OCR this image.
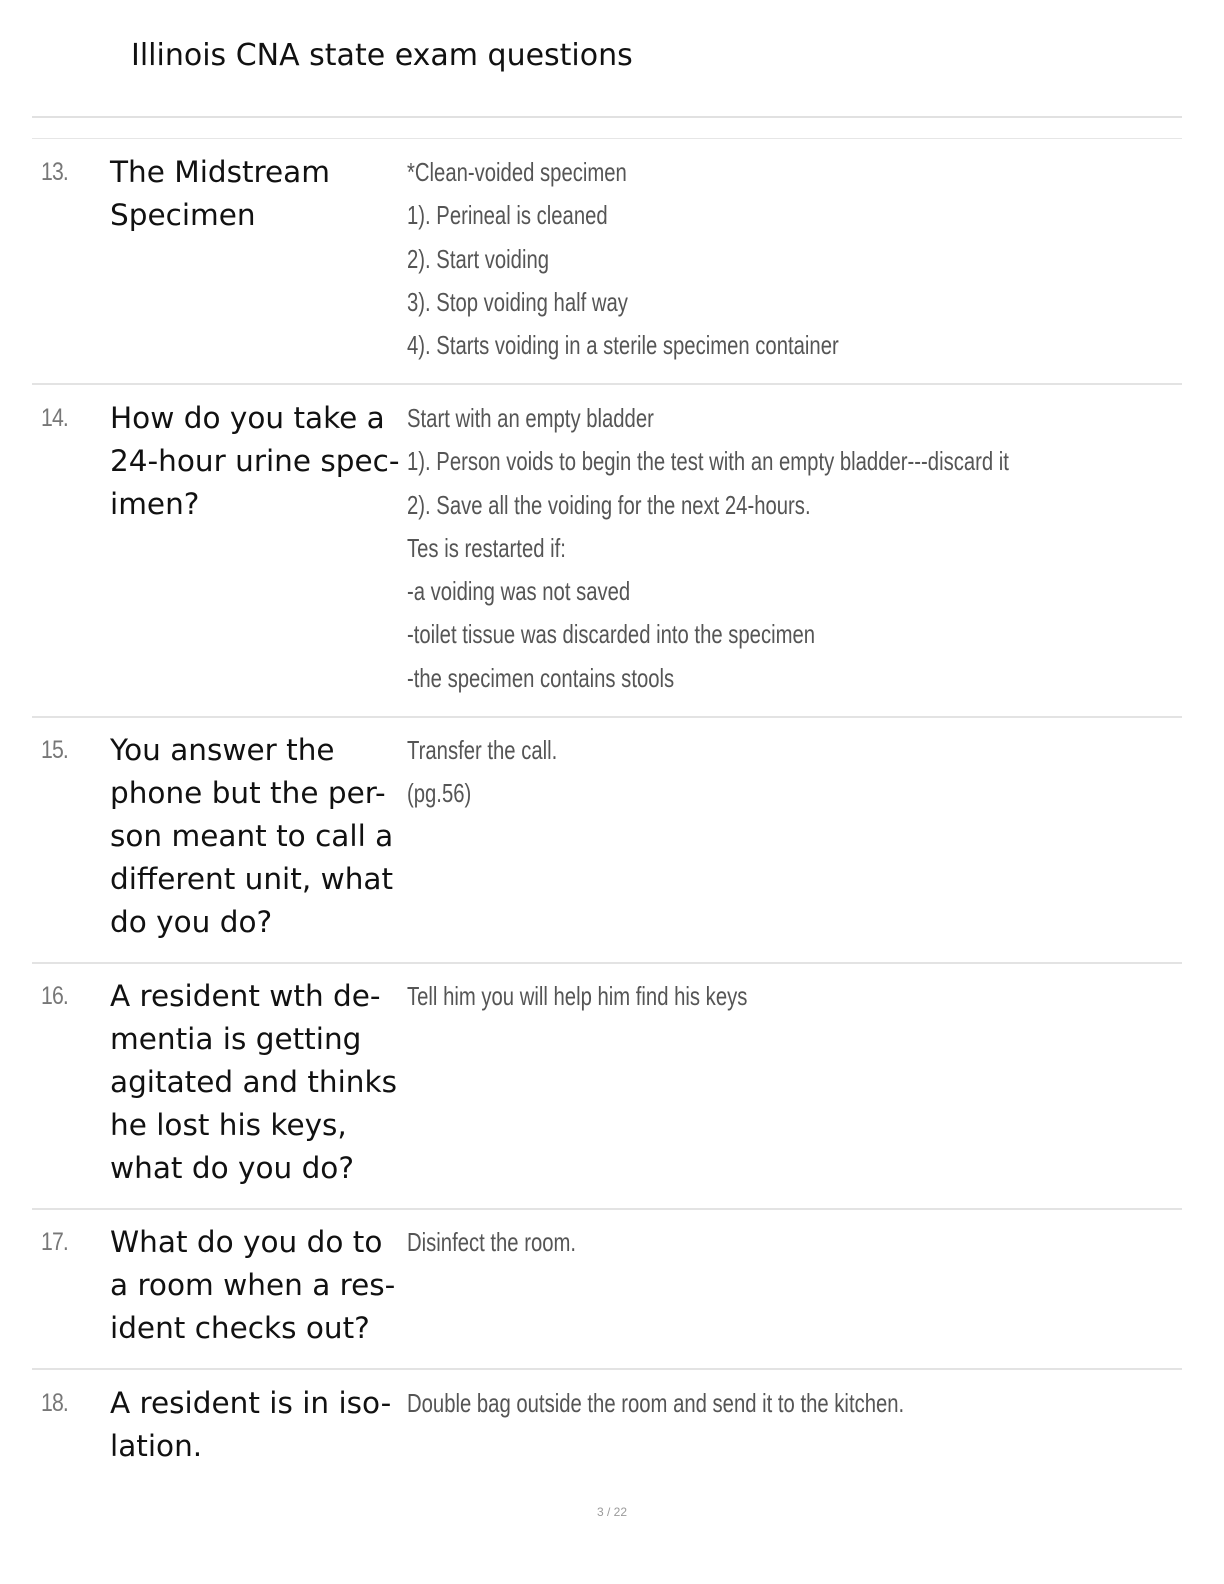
Illinois CNA state exam questions
13. The Midstream
Specimen
*Clean-voided specimen
1). Perineal is cleaned
2). Start voiding
3). Stop voiding half way
4). Starts voiding in a sterile specimen container
14. How do you take a
24-hour urine spec-
imen?
Start with an empty bladder
1). Person voids to begin the test with an empty bladder---discard it
2). Save all the voiding for the next 24-hours.
Tes is restarted if:
-a voiding was not saved
-toilet tissue was discarded into the specimen
-the specimen contains stools
15. You answer the
phone but the per-
son meant to call a
different unit, what
do you do?
Transfer the call.
(pg.56)
16. A resident wth de-
mentia is getting
agitated and thinks
he lost his keys,
what do you do?
Tell him you will help him find his keys
17. What do you do to
a room when a res-
ident checks out?
Disinfect the room.
18. A resident is in iso-
lation.
Double bag outside the room and send it to the kitchen.
3 / 22
